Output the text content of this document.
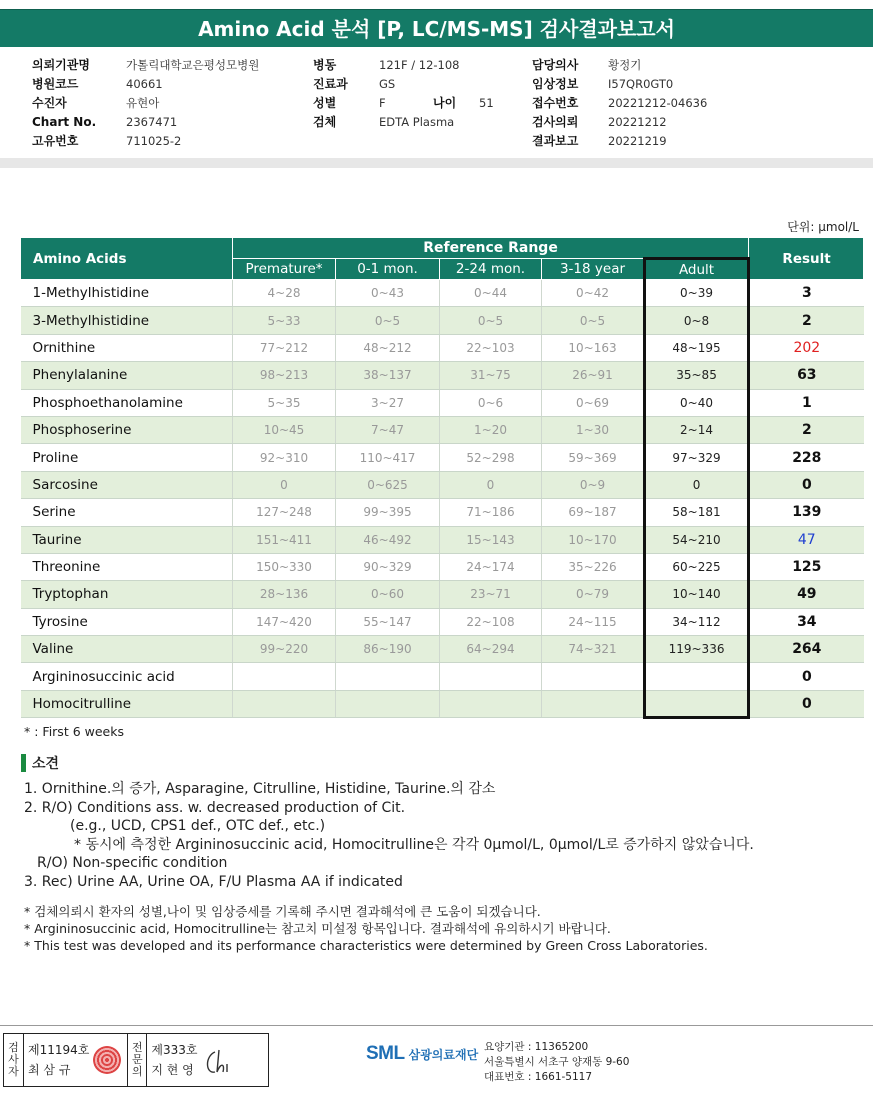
Amino Acid 분석 [P, LC/MS-MS] 검사결과보고서
의뢰기관명	가톨릭대학교은평성모병원
병원코드	40661
수진자	유현아
Chart No.	2367471
고유번호	711025-2
병동	121F / 12-108
진료과	GS
성별	F	나이	51
검체	EDTA Plasma
담당의사	황정기
임상정보	I57QR0GT0
접수번호	20221212-04636
검사의뢰	20221212
결과보고	20221219
단위: μmol/L
Amino Acids	Reference Range					Result
	Premature*	0-1 mon.	2-24 mon.	3-18 year	Adult	
1-Methylhistidine	4~28	0~43	0~44	0~42	0~39	3
3-Methylhistidine	5~33	0~5	0~5	0~5	0~8	2
Ornithine	77~212	48~212	22~103	10~163	48~195	202
Phenylalanine	98~213	38~137	31~75	26~91	35~85	63
Phosphoethanolamine	5~35	3~27	0~6	0~69	0~40	1
Phosphoserine	10~45	7~47	1~20	1~30	2~14	2
Proline	92~310	110~417	52~298	59~369	97~329	228
Sarcosine	0	0~625	0	0~9	0	0
Serine	127~248	99~395	71~186	69~187	58~181	139
Taurine	151~411	46~492	15~143	10~170	54~210	47
Threonine	150~330	90~329	24~174	35~226	60~225	125
Tryptophan	28~136	0~60	23~71	0~79	10~140	49
Tyrosine	147~420	55~147	22~108	24~115	34~112	34
Valine	99~220	86~190	64~294	74~321	119~336	264
Argininosuccinic acid						0
Homocitrulline						0
* : First 6 weeks
소견
1. Ornithine.의 증가, Asparagine, Citrulline, Histidine, Taurine.의 감소
2. R/O) Conditions ass. w. decreased production of Cit.
(e.g., UCD, CPS1 def., OTC def., etc.)
* 동시에 측정한 Argininosuccinic acid, Homocitrulline은 각각 0μmol/L, 0μmol/L로 증가하지 않았습니다.
R/O) Non-specific condition
3. Rec) Urine AA, Urine OA, F/U Plasma AA if indicated
* 검체의뢰시 환자의 성별,나이 및 임상증세를 기록해 주시면 결과해석에 큰 도움이 되겠습니다.
* Argininosuccinic acid, Homocitrulline는 참고치 미설정 항목입니다. 결과해석에 유의하시기 바랍니다.
* This test was developed and its performance characteristics were determined by Green Cross Laboratories.
검
사
자
제11194호
최 삼 규
전
문
의
제333호
지 현 영
SML 삼광의료재단
요양기관 : 11365200
서울특별시 서초구 양재동 9-60
대표번호 : 1661-5117
